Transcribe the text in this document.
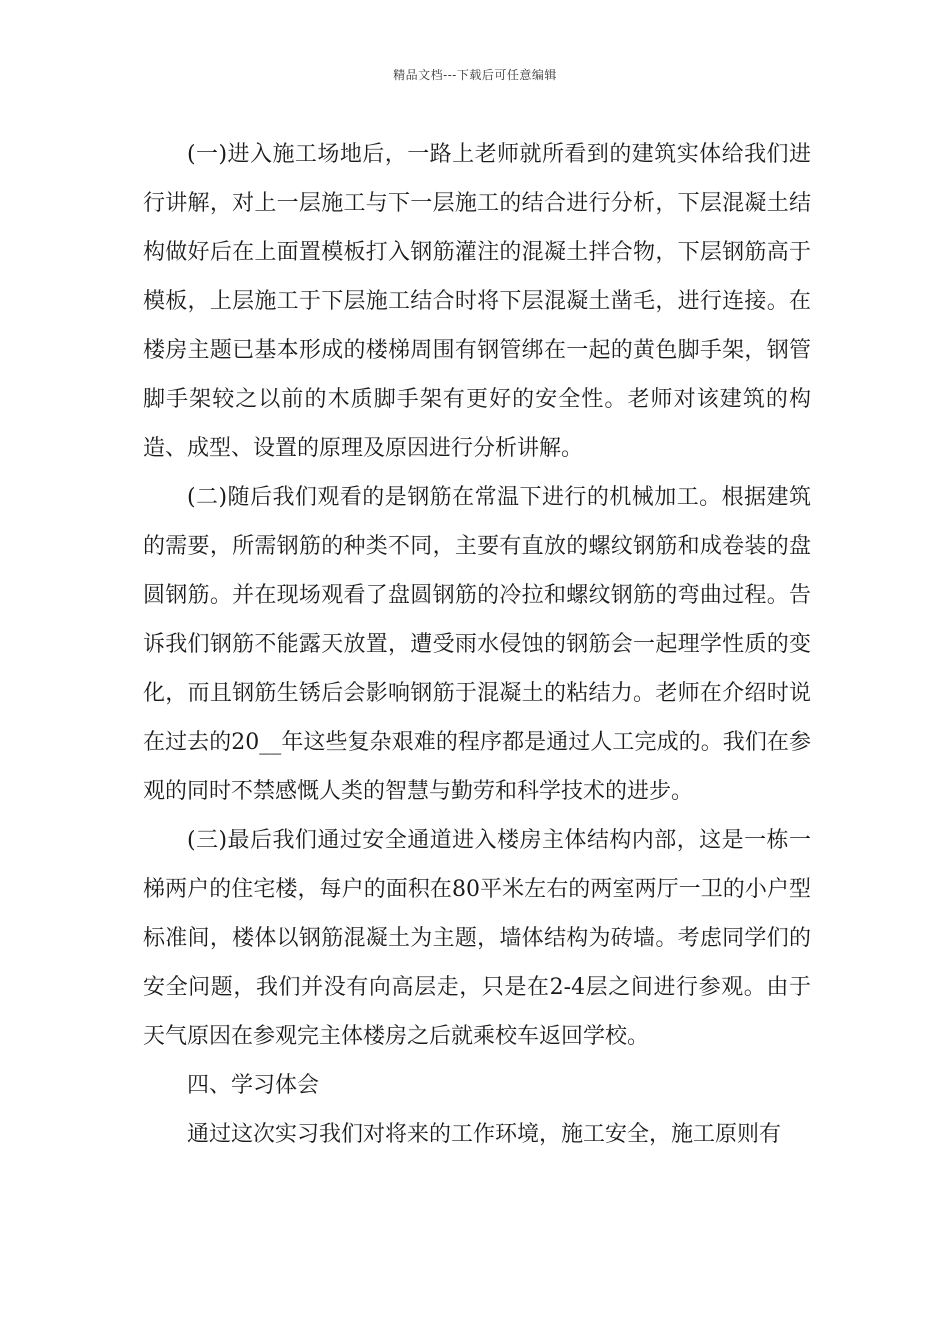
精品文档---下载后可任意编辑

(一)进入施工场地后，一路上老师就所看到的建筑实体给我们进行讲解，对上一层施工与下一层施工的结合进行分析，下层混凝土结构做好后在上面置模板打入钢筋灌注的混凝土拌合物，下层钢筋高于模板，上层施工于下层施工结合时将下层混凝土凿毛，进行连接。在楼房主题已基本形成的楼梯周围有钢管绑在一起的黄色脚手架，钢管脚手架较之以前的木质脚手架有更好的安全性。老师对该建筑的构造、成型、设置的原理及原因进行分析讲解。

(二)随后我们观看的是钢筋在常温下进行的机械加工。根据建筑的需要，所需钢筋的种类不同，主要有直放的螺纹钢筋和成卷装的盘圆钢筋。并在现场观看了盘圆钢筋的冷拉和螺纹钢筋的弯曲过程。告诉我们钢筋不能露天放置，遭受雨水侵蚀的钢筋会一起理学性质的变化，而且钢筋生锈后会影响钢筋于混凝土的粘结力。老师在介绍时说在过去的20__年这些复杂艰难的程序都是通过人工完成的。我们在参观的同时不禁感慨人类的智慧与勤劳和科学技术的进步。

(三)最后我们通过安全通道进入楼房主体结构内部，这是一栋一梯两户的住宅楼，每户的面积在80平米左右的两室两厅一卫的小户型标准间，楼体以钢筋混凝土为主题，墙体结构为砖墙。考虑同学们的安全问题，我们并没有向高层走，只是在2-4层之间进行参观。由于天气原因在参观完主体楼房之后就乘校车返回学校。

四、学习体会

通过这次实习我们对将来的工作环境，施工安全，施工原则有
